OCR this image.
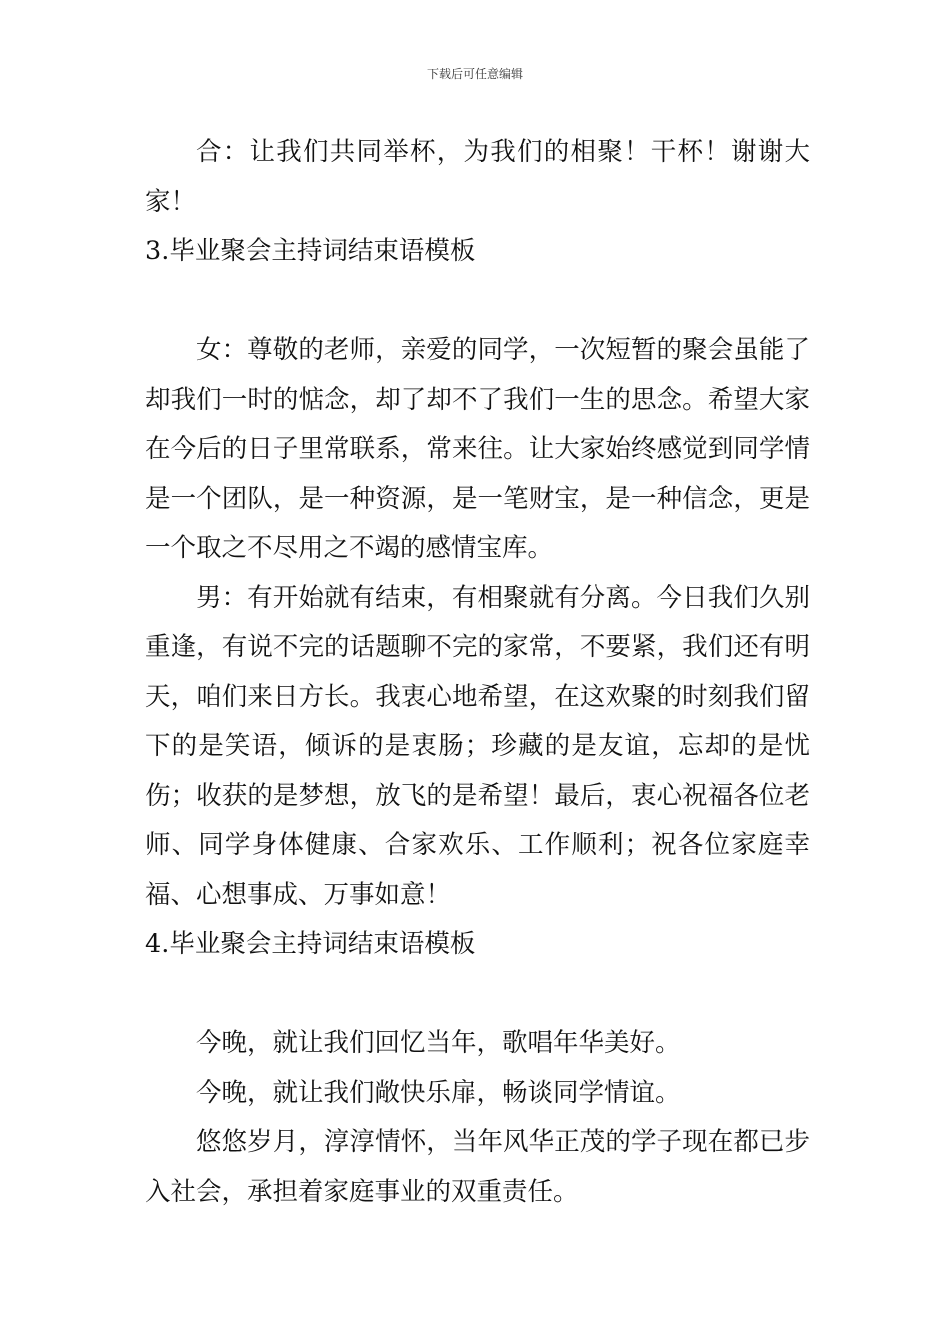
下载后可任意编辑

合：让我们共同举杯，为我们的相聚！干杯！谢谢大家！

3.毕业聚会主持词结束语模板

女：尊敬的老师，亲爱的同学，一次短暂的聚会虽能了却我们一时的惦念，却了却不了我们一生的思念。希望大家在今后的日子里常联系，常来往。让大家始终感觉到同学情是一个团队，是一种资源，是一笔财宝，是一种信念，更是一个取之不尽用之不竭的感情宝库。

男：有开始就有结束，有相聚就有分离。今日我们久别重逢，有说不完的话题聊不完的家常，不要紧，我们还有明天，咱们来日方长。我衷心地希望，在这欢聚的时刻我们留下的是笑语，倾诉的是衷肠；珍藏的是友谊，忘却的是忧伤；收获的是梦想，放飞的是希望！最后，衷心祝福各位老师、同学身体健康、合家欢乐、工作顺利；祝各位家庭幸福、心想事成、万事如意！

4.毕业聚会主持词结束语模板

今晚，就让我们回忆当年，歌唱年华美好。

今晚，就让我们敞快乐扉，畅谈同学情谊。

悠悠岁月，淳淳情怀，当年风华正茂的学子现在都已步入社会，承担着家庭事业的双重责任。
